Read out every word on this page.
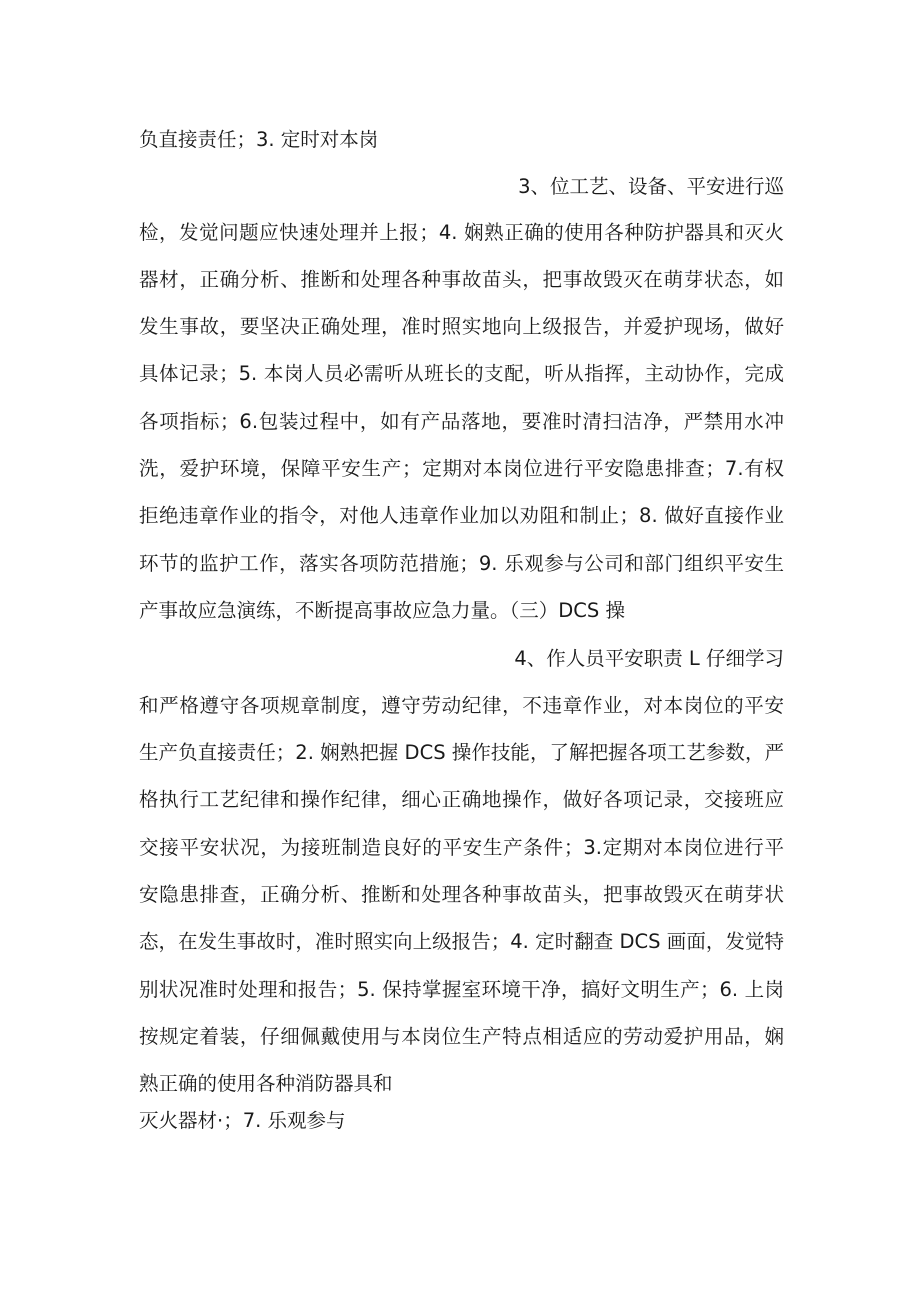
负直接责任；3. 定时对本岗
3、位工艺、设备、平安进行巡
检，发觉问题应快速处理并上报；4. 娴熟正确的使用各种防护器具和灭火
器材，正确分析、推断和处理各种事故苗头，把事故毁灭在萌芽状态，如
发生事故，要坚决正确处理，准时照实地向上级报告，并爱护现场，做好
具体记录；5. 本岗人员必需听从班长的支配，听从指挥，主动协作，完成
各项指标；6.包装过程中，如有产品落地，要准时清扫洁净，严禁用水冲
洗，爱护环境，保障平安生产；定期对本岗位进行平安隐患排查；7.有权
拒绝违章作业的指令，对他人违章作业加以劝阻和制止；8. 做好直接作业
环节的监护工作，落实各项防范措施；9. 乐观参与公司和部门组织平安生
产事故应急演练，不断提高事故应急力量。（三）DCS 操
4、作人员平安职责 L 仔细学习
和严格遵守各项规章制度，遵守劳动纪律，不违章作业，对本岗位的平安
生产负直接责任；2. 娴熟把握 DCS 操作技能，了解把握各项工艺参数，严
格执行工艺纪律和操作纪律，细心正确地操作，做好各项记录，交接班应
交接平安状况，为接班制造良好的平安生产条件；3.定期对本岗位进行平
安隐患排查，正确分析、推断和处理各种事故苗头，把事故毁灭在萌芽状
态，在发生事故时，准时照实向上级报告；4. 定时翻查 DCS 画面，发觉特
别状况准时处理和报告；5. 保持掌握室环境干净，搞好文明生产；6. 上岗
按规定着装，仔细佩戴使用与本岗位生产特点相适应的劳动爱护用品，娴
熟正确的使用各种消防器具和
灭火器材·；7. 乐观参与
